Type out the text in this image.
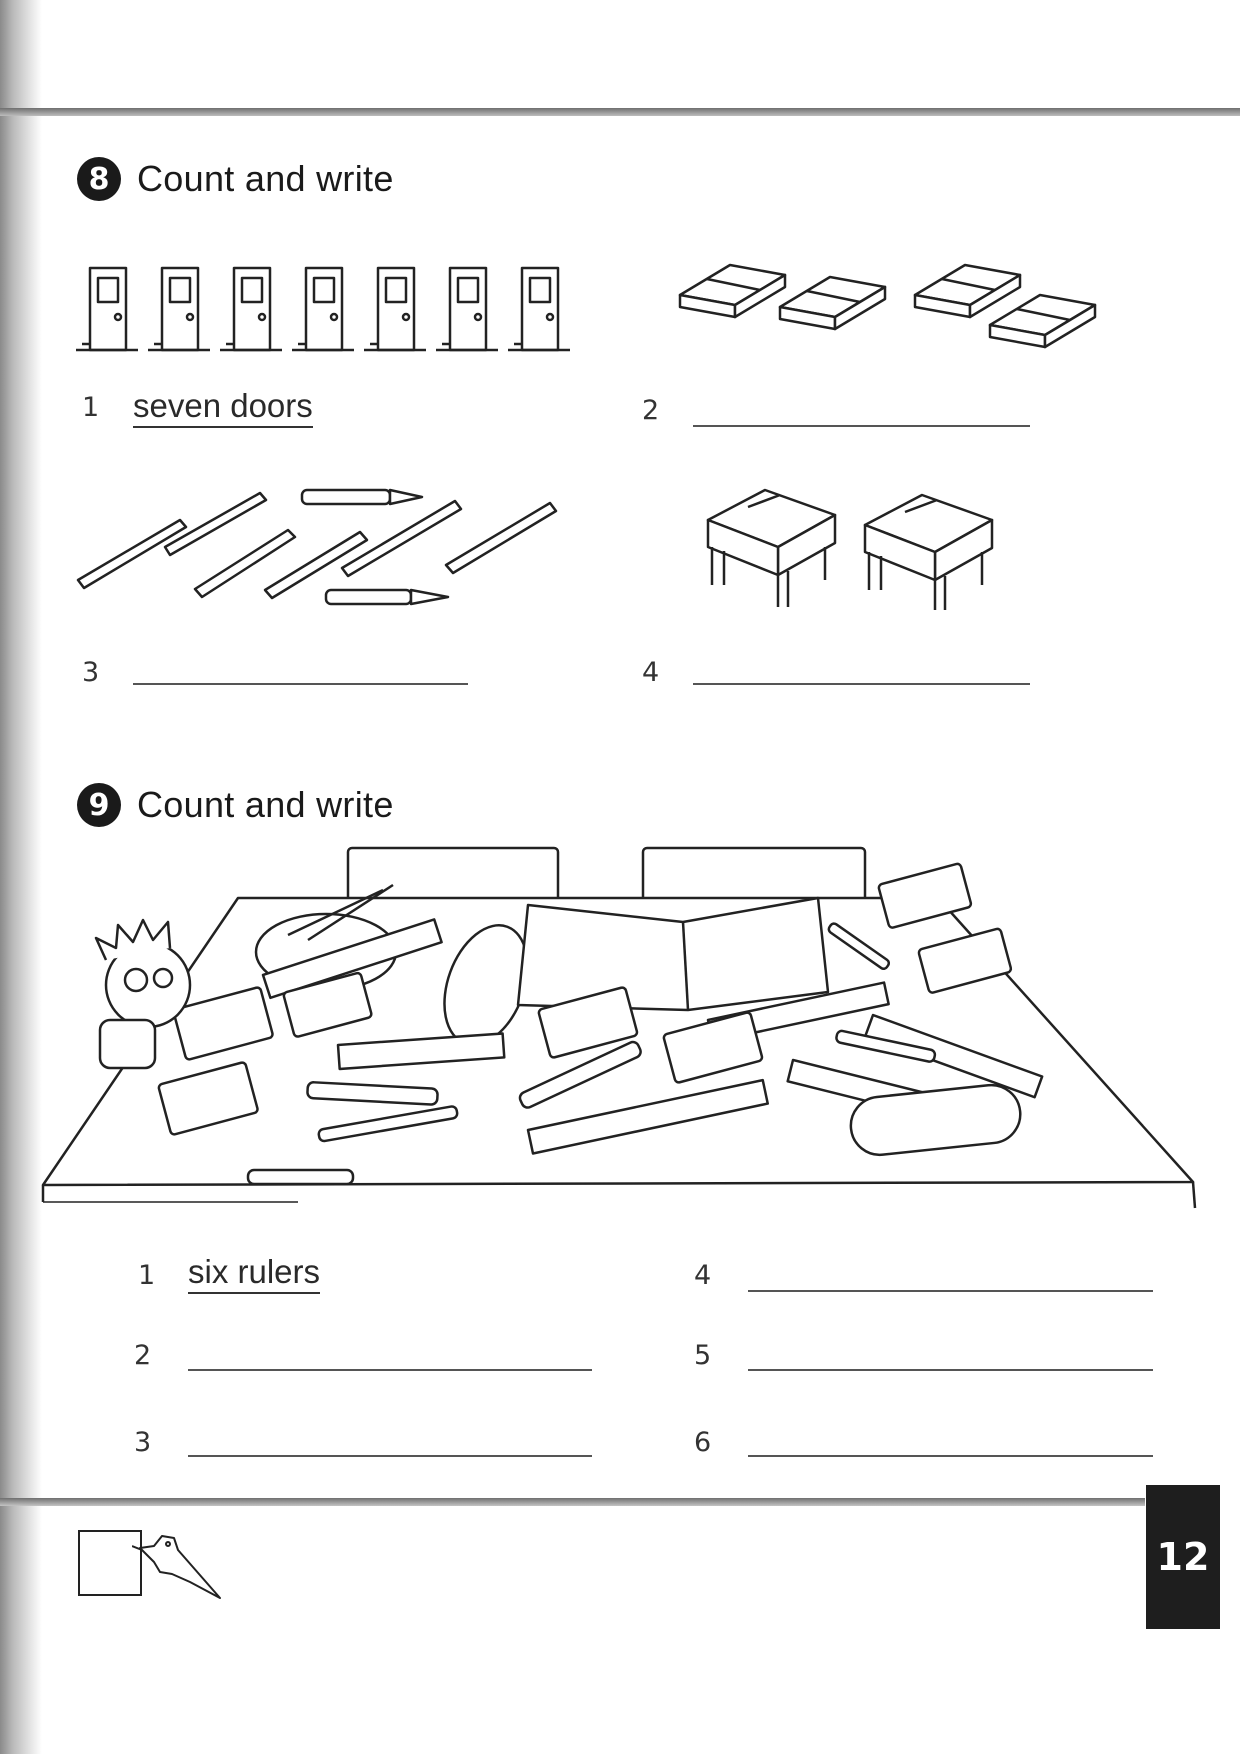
8 Count and write
1 seven doors	2
3	4
9 Count and write
1 six rulers	4
2	5
3	6
12
